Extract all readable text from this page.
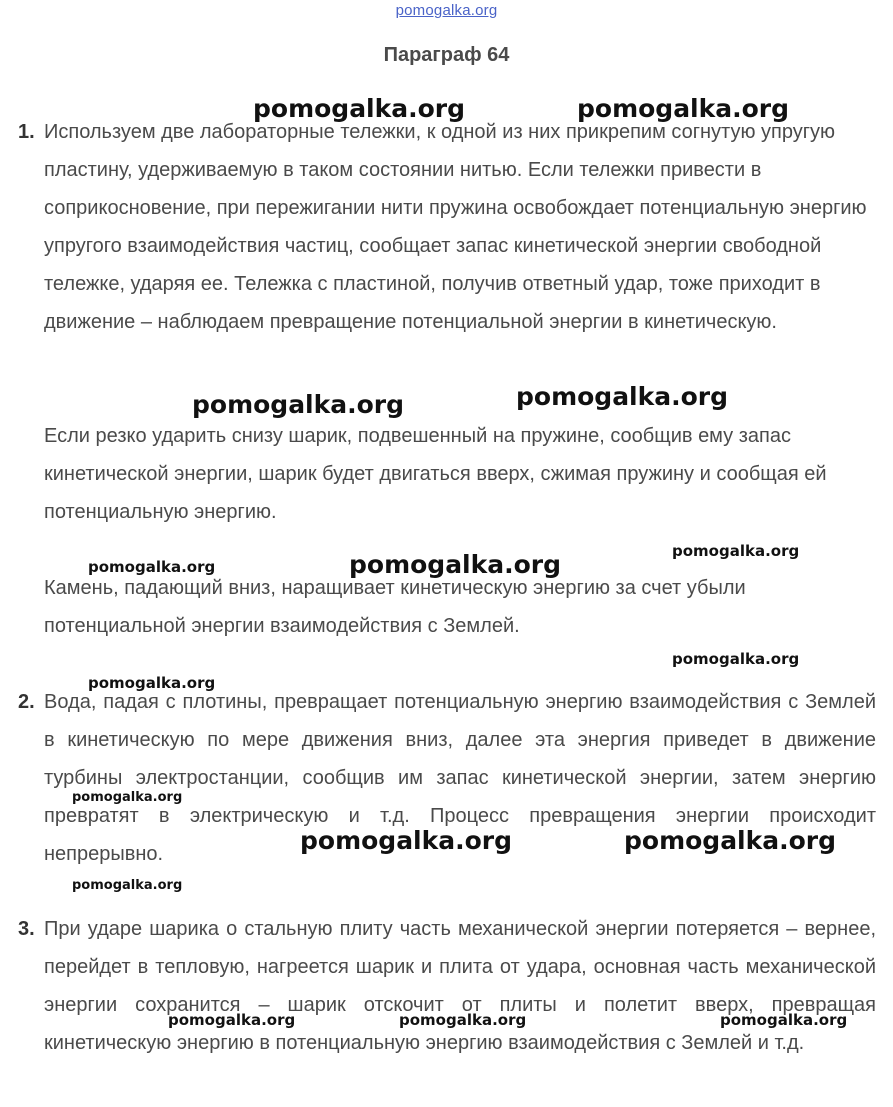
pomogalka.org
Параграф 64
1. Используем две лабораторные тележки, к одной из них прикрепим согнутую упругую пластину, удерживаемую в таком состоянии нитью. Если тележки привести в соприкосновение, при пережигании нити пружина освобождает потенциальную энергию упругого взаимодействия частиц, сообщает запас кинетической энергии свободной тележке, ударяя ее. Тележка с пластиной, получив ответный удар, тоже приходит в движение – наблюдаем превращение потенциальной энергии в кинетическую.

Если резко ударить снизу шарик, подвешенный на пружине, сообщив ему запас кинетической энергии, шарик будет двигаться вверх, сжимая пружину и сообщая ей потенциальную энергию.

Камень, падающий вниз, наращивает кинетическую энергию за счет убыли потенциальной энергии взаимодействия с Землей.

2. Вода, падая с плотины, превращает потенциальную энергию взаимодействия с Землей в кинетическую по мере движения вниз, далее эта энергия приведет в движение турбины электростанции, сообщив им запас кинетической энергии, затем энергию превратят в электрическую и т.д. Процесс превращения энергии происходит непрерывно.

3. При ударе шарика о стальную плиту часть механической энергии потеряется – вернее, перейдет в тепловую, нагреется шарик и плита от удара, основная часть механической энергии сохранится – шарик отскочит от плиты и полетит вверх, превращая кинетическую энергию в потенциальную энергию взаимодействия с Землей и т.д.

pomogalka.org	pomogalka.org
pomogalka.org	pomogalka.org
pomogalka.org	pomogalka.org	pomogalka.org
pomogalka.org
pomogalka.org
pomogalka.org
pomogalka.org	pomogalka.org
pomogalka.org
pomogalka.org	pomogalka.org	pomogalka.org
